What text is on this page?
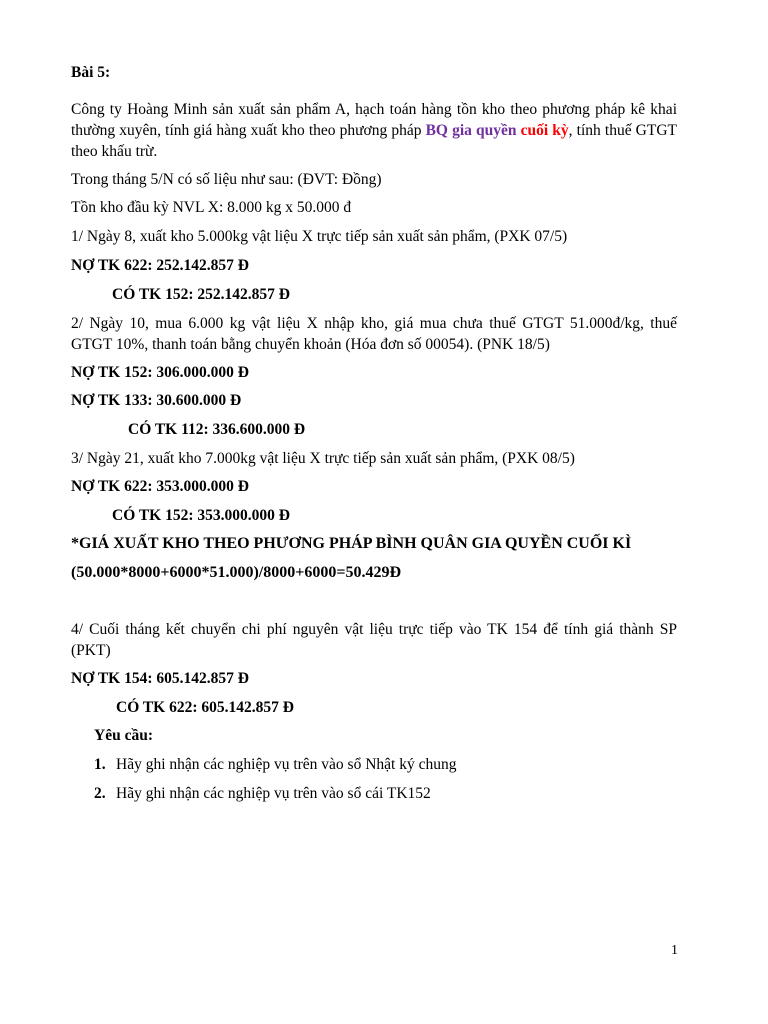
Bài 5:

Công ty Hoàng Minh sản xuất sản phẩm A, hạch toán hàng tồn kho theo phương pháp kê khai thường xuyên, tính giá hàng xuất kho theo phương pháp BQ gia quyền cuối kỳ, tính thuế GTGT theo khấu trừ.

Trong tháng 5/N có số liệu như sau: (ĐVT: Đồng)

Tồn kho đầu kỳ NVL X: 8.000 kg x 50.000 đ

1/ Ngày 8, xuất kho 5.000kg vật liệu X trực tiếp sản xuất sản phẩm, (PXK 07/5)

NỢ TK 622: 252.142.857 Đ

CÓ TK 152: 252.142.857 Đ

2/ Ngày 10, mua 6.000 kg vật liệu X nhập kho, giá mua chưa thuế GTGT 51.000đ/kg, thuế GTGT 10%, thanh toán bằng chuyển khoản (Hóa đơn số 00054). (PNK 18/5)

NỢ TK 152: 306.000.000 Đ

NỢ TK 133: 30.600.000 Đ

CÓ TK 112: 336.600.000 Đ

3/ Ngày 21, xuất kho 7.000kg vật liệu X trực tiếp sản xuất sản phẩm, (PXK 08/5)

NỢ TK 622: 353.000.000 Đ

CÓ TK 152: 353.000.000 Đ

*GIÁ XUẤT KHO THEO PHƯƠNG PHÁP BÌNH QUÂN GIA QUYỀN CUỐI KÌ

(50.000*8000+6000*51.000)/8000+6000=50.429Đ

4/ Cuối tháng kết chuyển chi phí nguyên vật liệu trực tiếp vào TK 154 để tính giá thành SP (PKT)

NỢ TK 154: 605.142.857 Đ

CÓ TK 622: 605.142.857 Đ

Yêu cầu:

1. Hãy ghi nhận các nghiệp vụ trên vào sổ Nhật ký chung

2. Hãy ghi nhận các nghiệp vụ trên vào sổ cái TK152

1
